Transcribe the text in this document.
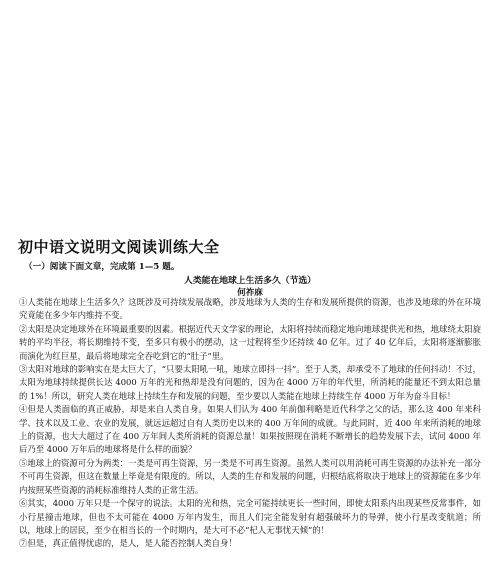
初中语文说明文阅读训练大全
（一）阅读下面文章，完成第 1—5 题。
人类能在地球上生活多久（节选）
何祚庥

①人类能在地球上生活多久？这既涉及可持续发展战略，涉及地球为人类的生存和发展所提供的资源，也涉及地球的外在环境究竟能在多少年内维持不变。

②太阳是决定地球外在环境最重要的因素。根据近代天文学家的理论，太阳将持续而稳定地向地球提供光和热，地球绕太阳旋转的平均半径，将长期维持不变，至多只有极小的摆动，这一过程将至少还持续 40 亿年。过了 40 亿年后，太阳将逐渐膨胀而演化为红巨星，最后将地球完全吞吃到它的“肚子”里。

③太阳对地球的影响实在是太巨大了，“只要太阳吼一吼，地球立即抖一抖”。至于人类，却承受不了地球的任何抖动！不过，太阳为地球持续提供长达 4000 万年的光和热却是没有问题的，因为在 4000 万年的年代里，所消耗的能量还不到太阳总量的 1%！所以，研究人类在地球上持续生存和发展的问题，至少要以人类能在地球上持续生存 4000 万年为奋斗目标！

④但是人类面临的真正威胁，却是来自人类自身。如果人们认为 400 年前伽利略是近代科学之父的话，那么这 400 年来科学、技术以及工业、农业的发展，就远远超过自有人类历史以来的 400 万年间的成就。与此同时，近 400 年来所消耗的地球上的资源，也大大超过了在 400 万年间人类所消耗的资源总量！如果按照现在消耗不断增长的趋势发展下去，试问 4000 年后乃至 4000 万年后的地球将是什么样的面貌？

⑤地球上的资源可分为两类：一类是可再生资源，另一类是不可再生资源。虽然人类可以用消耗可再生资源的办法补充一部分不可再生资源，但这在数量上毕竟是有限度的。所以，人类的生存和发展的问题，归根结底将取决于地球上的资源能在多少年内按照某些资源的消耗标准维持人类的正常生活。

⑥其实，4000 万年只是一个保守的说法。太阳的光和热，完全可能持续更长一些时间，即使太阳系内出现某些反常事件，如小行星撞击地球，但也不太可能在 4000 万年内发生，而且人们完全能发射有超强破坏力的导弹，使小行星改变航道；所以，地球上的居民，至少在相当长的一个时期内，是大可不必“杞人无事忧天倾”的！

⑦但是，真正值得忧虑的，是人，是人能否控制人类自身！
